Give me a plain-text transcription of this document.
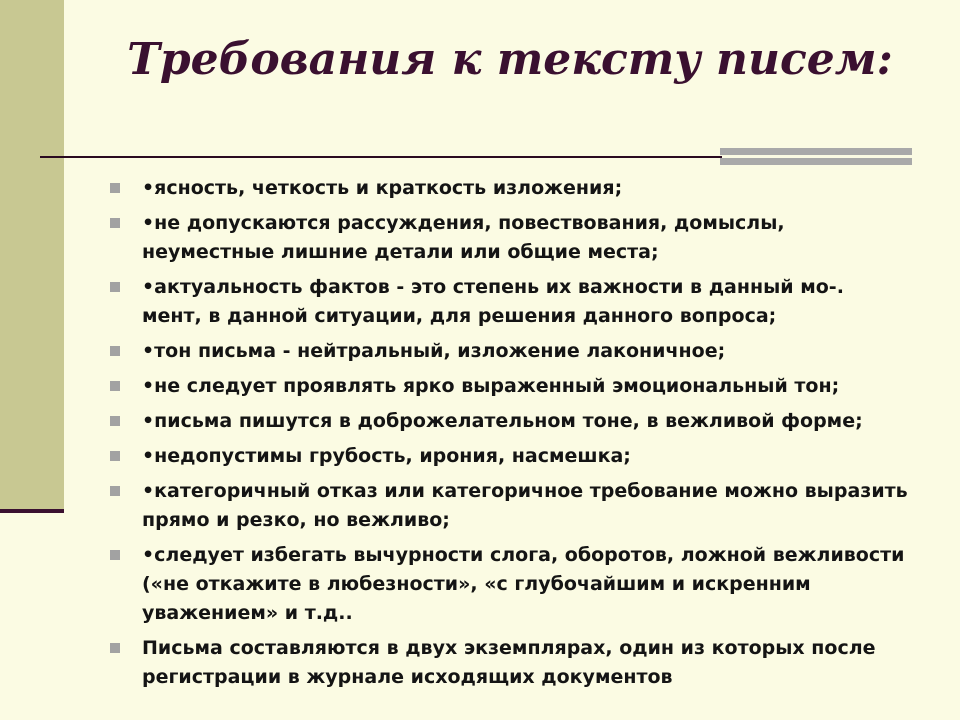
Требования к тексту писем:
•ясность, четкость и краткость изложения;
•не допускаются рассуждения, повествования, домыслы, неуместные лишние детали или общие места;
•актуальность фактов - это степень их важности в данный мо-. мент, в данной ситуации, для решения данного вопроса;
•тон письма - нейтральный, изложение лаконичное;
•не следует проявлять ярко выраженный эмоциональный тон;
•письма пишутся в доброжелательном тоне, в вежливой форме;
•недопустимы грубость, ирония, насмешка;
•категоричный отказ или категоричное требование можно выразить прямо и резко, но вежливо;
•следует избегать вычурности слога, оборотов, ложной вежливости («не откажите в любезности», «с глубочайшим и искренним уважением» и т.д..
Письма составляются в двух экземплярах, один из которых после регистрации в журнале исходящих документов
